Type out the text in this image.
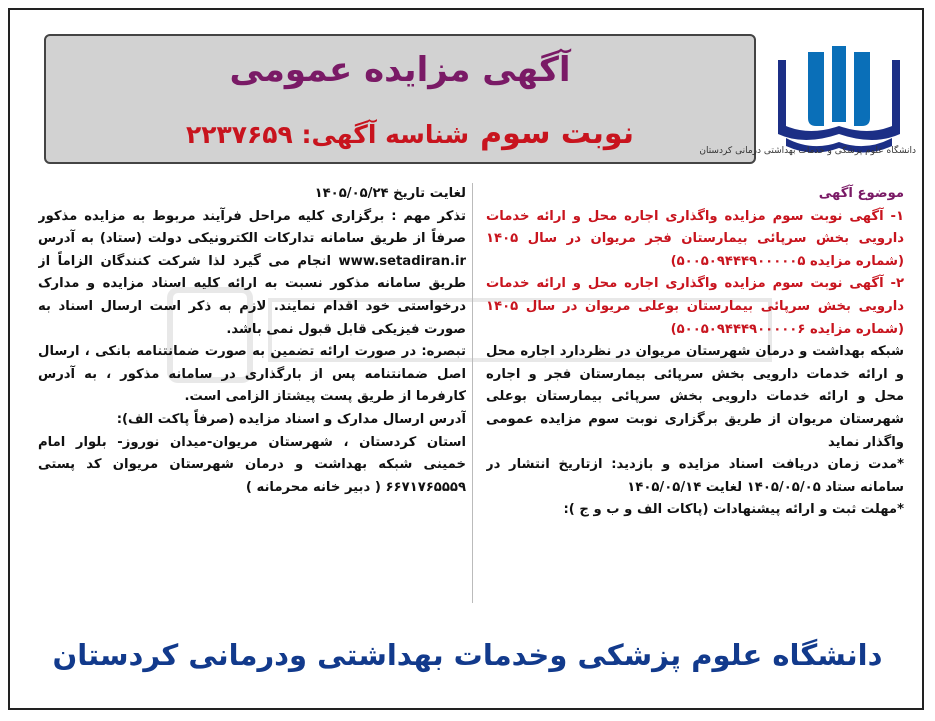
آگهی مزایده عمومی
نوبت سوم
شناسه آگهی: ۲۲۳۷۶۵۹
دانشگاه علوم پزشکی و خدمات بهداشتی درمانی کردستان

موضوع آگهی

۱- آگهی نوبت سوم مزایده واگذاری اجاره محل و ارائه خدمات دارویی بخش سرپائی بیمارستان فجر مریوان در سال ۱۴۰۵ (شماره مزایده ۵۰۰۵۰۹۴۴۴۹۰۰۰۰۰۵)

۲- آگهی نوبت سوم مزایده واگذاری اجاره محل و ارائه خدمات دارویی بخش سرپائی بیمارستان بوعلی مریوان در سال ۱۴۰۵ (شماره مزایده ۵۰۰۵۰۹۴۴۴۹۰۰۰۰۰۶)

شبکه بهداشت و درمان شهرستان مریوان در نظردارد اجاره محل و ارائه خدمات دارویی بخش سرپائی بیمارستان فجر و اجاره محل و ارائه خدمات دارویی بخش سرپائی بیمارستان بوعلی شهرستان مریوان از طریق برگزاری نوبت سوم مزایده عمومی واگذار نماید

*مدت زمان دریافت اسناد مزایده و بازدید: ازتاریخ انتشار در سامانه ستاد ۱۴۰۵/۰۵/۰۵ لغایت ۱۴۰۵/۰۵/۱۴

*مهلت ثبت و ارائه پیشنهادات (پاکات الف و ب و ج ):

لغایت تاریخ ۱۴۰۵/۰۵/۲۴

تذکر مهم : برگزاری کلیه مراحل فرآیند مربوط به مزایده مذکور صرفاً از طریق سامانه تدارکات الکترونیکی دولت (ستاد) به آدرس www.setadiran.ir انجام می گیرد لذا شرکت کنندگان الزاماً از طریق سامانه مذکور نسبت به ارائه کلیه اسناد مزایده و مدارک درخواستی خود اقدام نمایند. لازم به ذکر است ارسال اسناد به صورت فیزیکی قابل قبول نمی باشد.

تبصره: در صورت ارائه تضمین به صورت ضمانتنامه بانکی ، ارسال اصل ضمانتنامه پس از بارگذاری در سامانه مذکور ، به آدرس کارفرما از طریق پست پیشتاز الزامی است.

آدرس ارسال مدارک و اسناد مزایده (صرفاً پاکت الف):

استان کردستان ، شهرستان مریوان-میدان نوروز- بلوار امام خمینی شبکه بهداشت و درمان شهرستان مریوان کد پستی ۶۶۷۱۷۶۵۵۵۹ ( دبیر خانه محرمانه )

دانشگاه علوم پزشکی وخدمات بهداشتی ودرمانی کردستان
